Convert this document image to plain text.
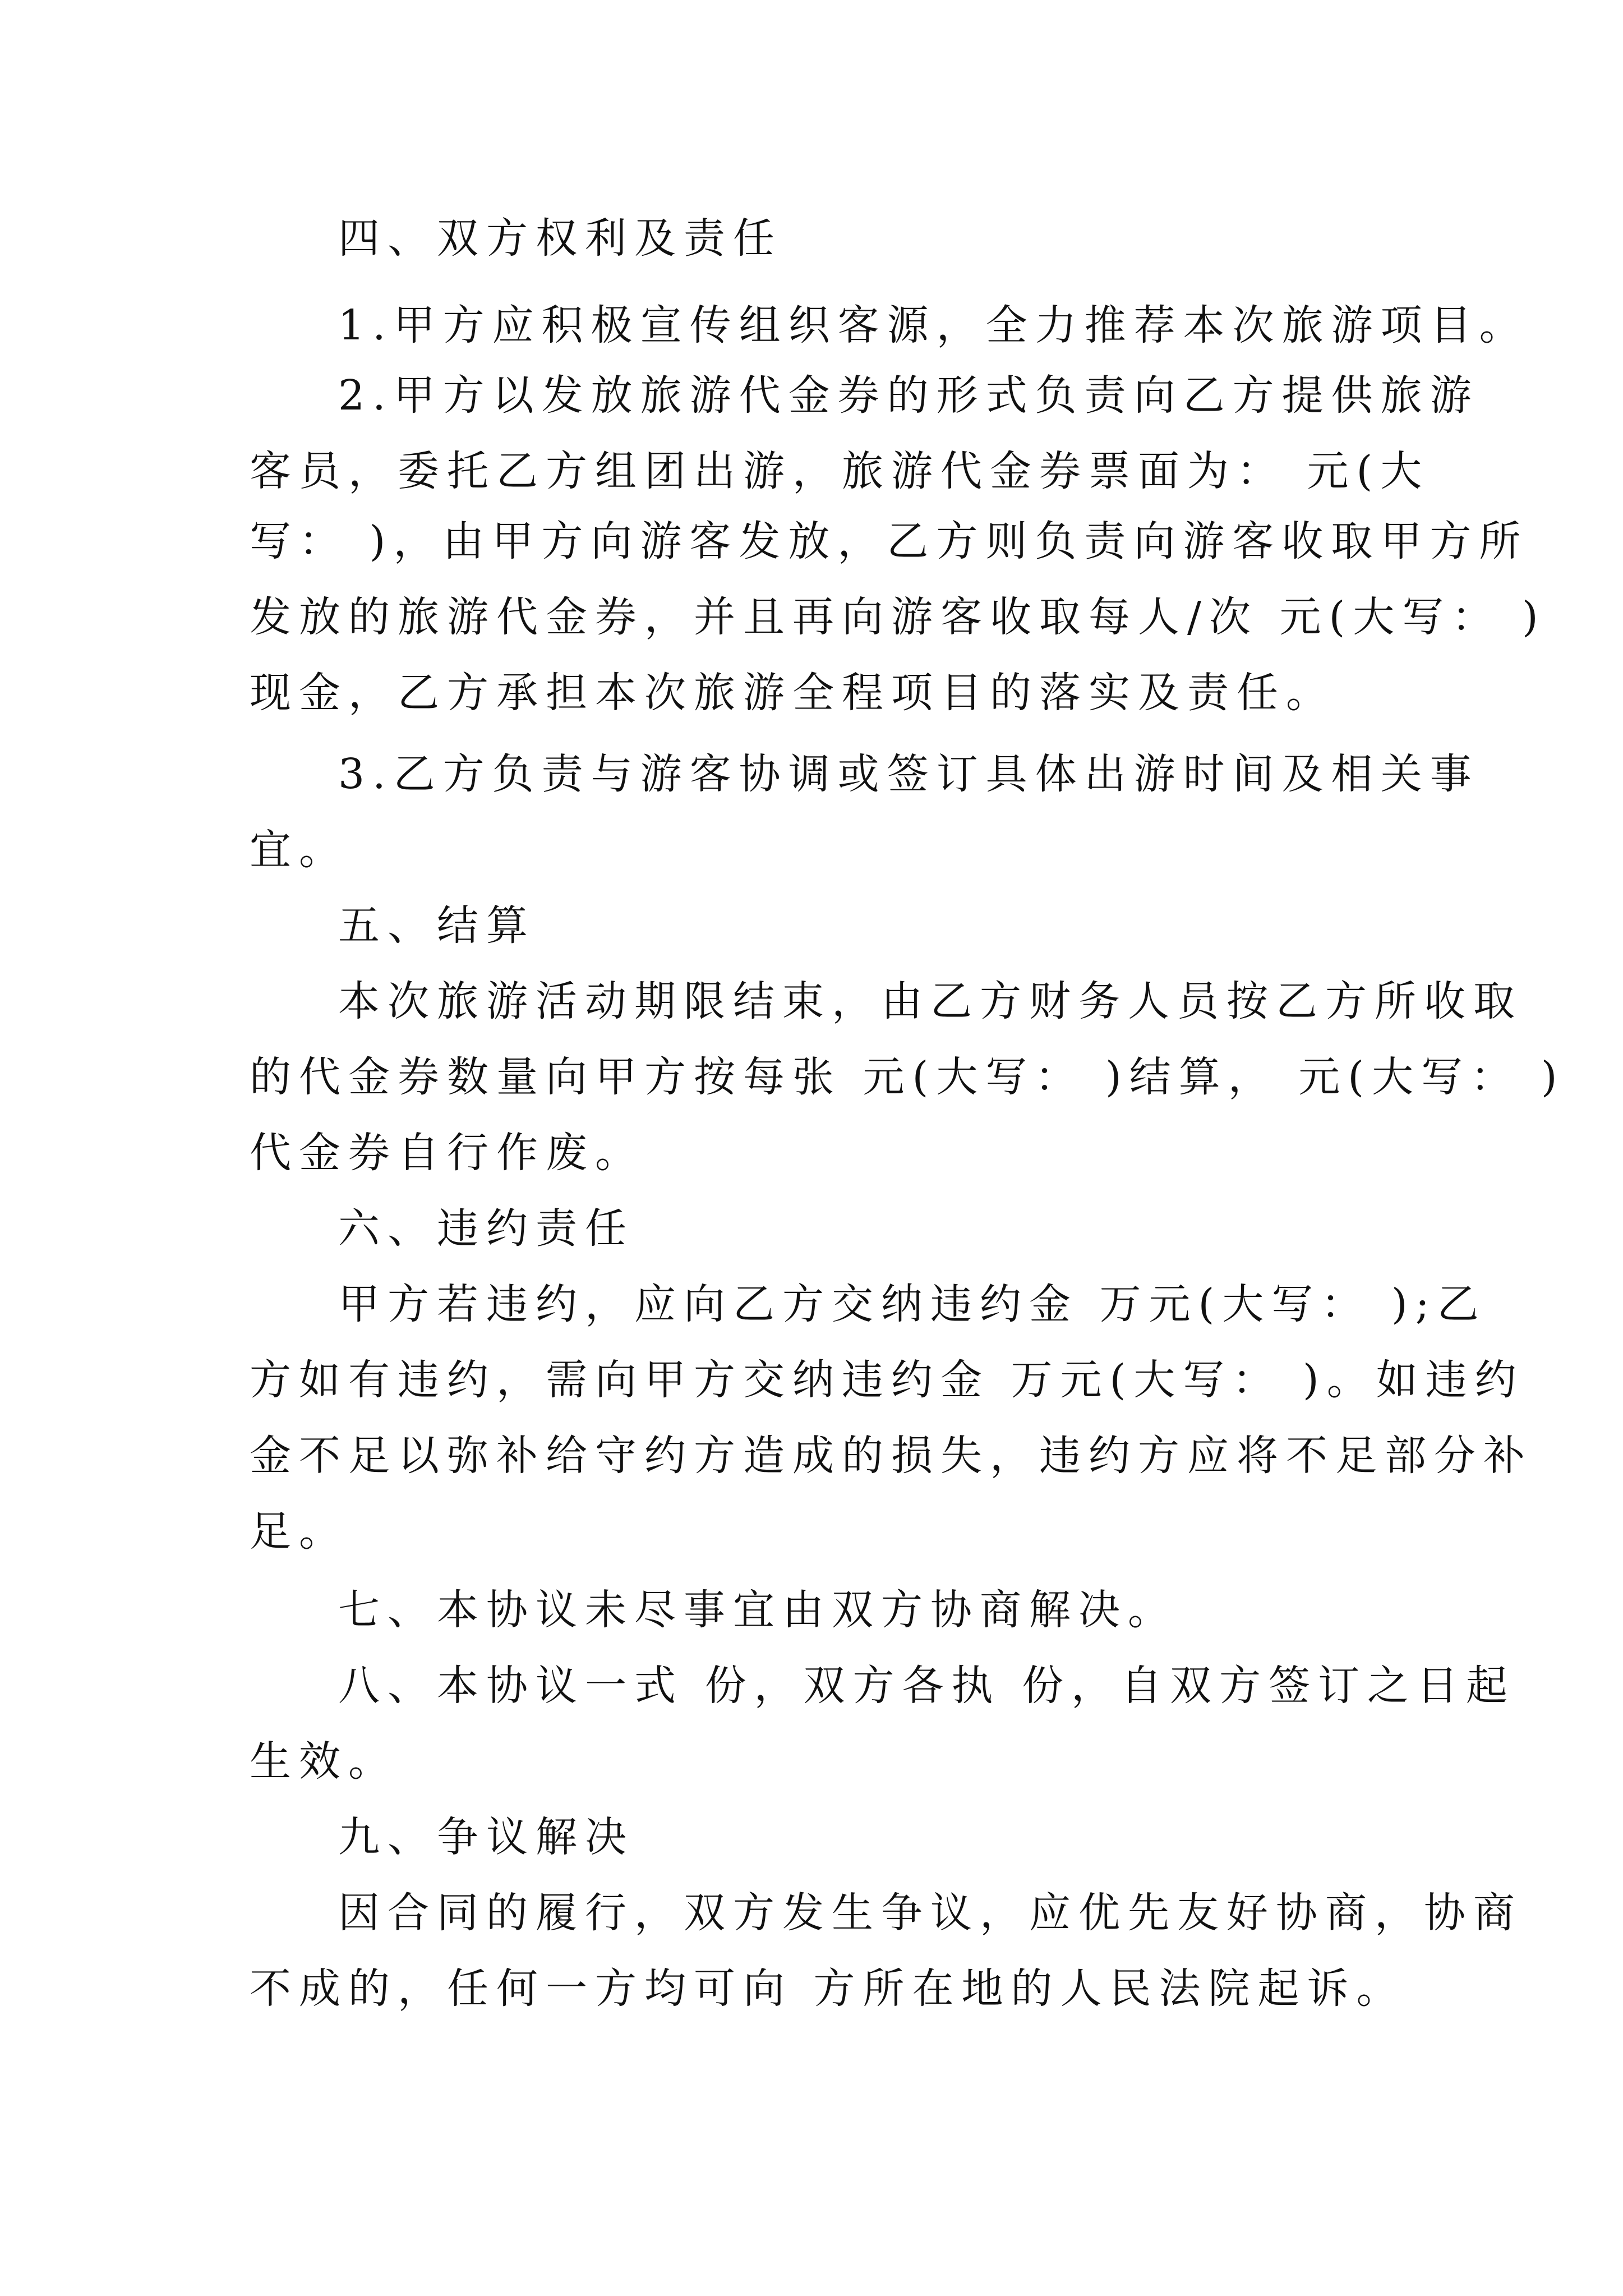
四、双方权利及责任
1.甲方应积极宣传组织客源，全力推荐本次旅游项目。
2.甲方以发放旅游代金券的形式负责向乙方提供旅游
客员，委托乙方组团出游，旅游代金券票面为： 元(大
写： )，由甲方向游客发放，乙方则负责向游客收取甲方所
发放的旅游代金券，并且再向游客收取每人/次 元(大写： )
现金，乙方承担本次旅游全程项目的落实及责任。
3.乙方负责与游客协调或签订具体出游时间及相关事
宜。
五、结算
本次旅游活动期限结束，由乙方财务人员按乙方所收取
的代金券数量向甲方按每张 元(大写： )结算， 元(大写： )
代金券自行作废。
六、违约责任
甲方若违约，应向乙方交纳违约金 万元(大写： );乙
方如有违约，需向甲方交纳违约金 万元(大写： )。如违约
金不足以弥补给守约方造成的损失，违约方应将不足部分补
足。
七、本协议未尽事宜由双方协商解决。
八、本协议一式 份，双方各执 份，自双方签订之日起
生效。
九、争议解决
因合同的履行，双方发生争议，应优先友好协商，协商
不成的，任何一方均可向 方所在地的人民法院起诉。
